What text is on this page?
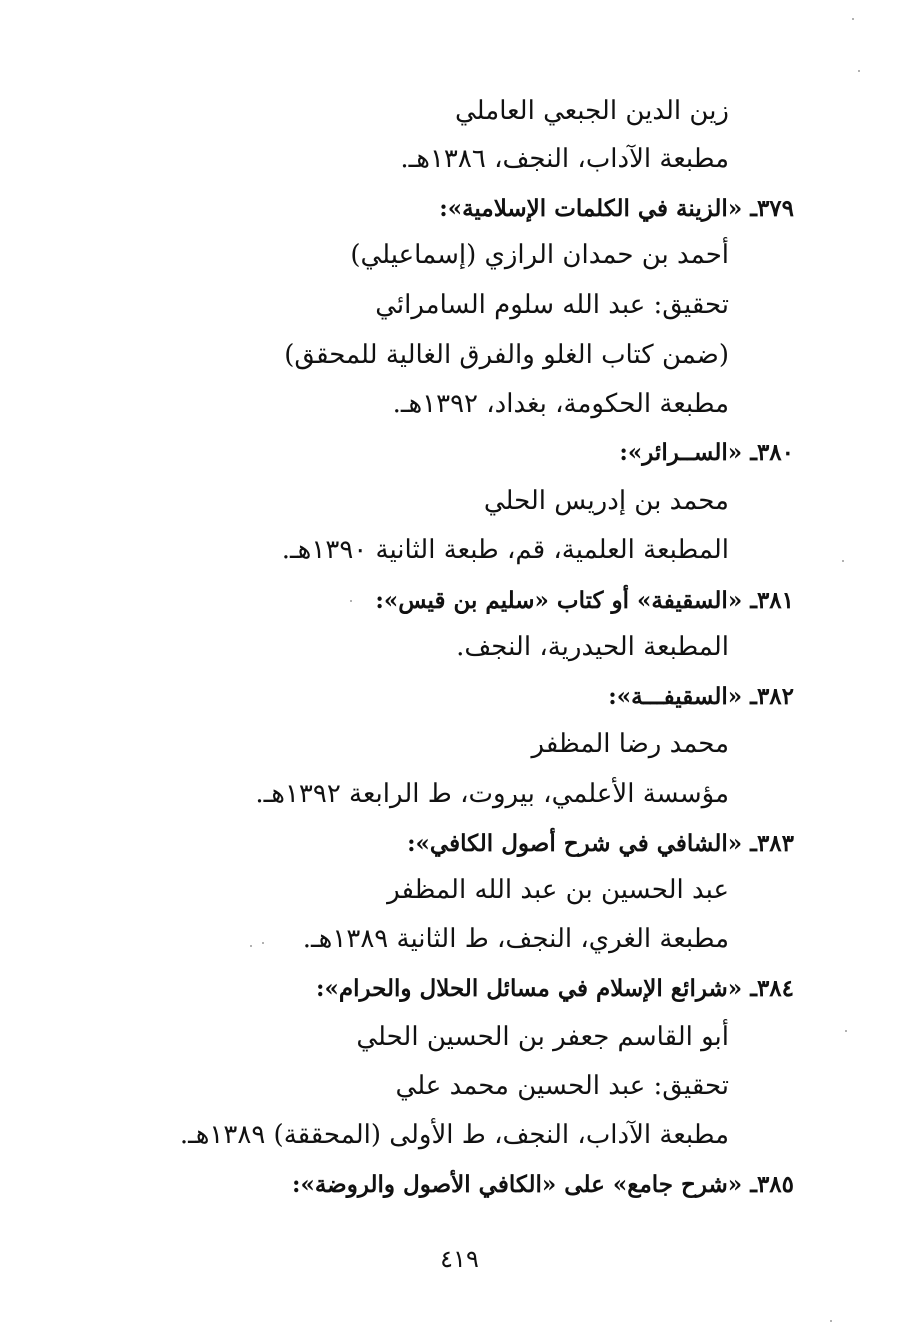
زين الدين الجبعي العاملي
مطبعة الآداب، النجف، ١٣٨٦هـ.
٣٧٩ـ «الزينة في الكلمات الإسلامية»:
أحمد بن حمدان الرازي (إسماعيلي)
تحقيق: عبد الله سلوم السامرائي
(ضمن كتاب الغلو والفرق الغالية للمحقق)
مطبعة الحكومة، بغداد، ١٣٩٢هـ.
٣٨٠ـ «الســرائر»:
محمد بن إدريس الحلي
المطبعة العلمية، قم، طبعة الثانية ١٣٩٠هـ.
٣٨١ـ «السقيفة» أو كتاب «سليم بن قيس»:
المطبعة الحيدرية، النجف.
٣٨٢ـ «السقيفـــة»:
محمد رضا المظفر
مؤسسة الأعلمي، بيروت، ط الرابعة ١٣٩٢هـ.
٣٨٣ـ «الشافي في شرح أصول الكافي»:
عبد الحسين بن عبد الله المظفر
مطبعة الغري، النجف، ط الثانية ١٣٨٩هـ.
٣٨٤ـ «شرائع الإسلام في مسائل الحلال والحرام»:
أبو القاسم جعفر بن الحسين الحلي
تحقيق: عبد الحسين محمد علي
مطبعة الآداب، النجف، ط الأولى (المحققة) ١٣٨٩هـ.
٣٨٥ـ «شرح جامع» على «الكافي الأصول والروضة»:
٤١٩
